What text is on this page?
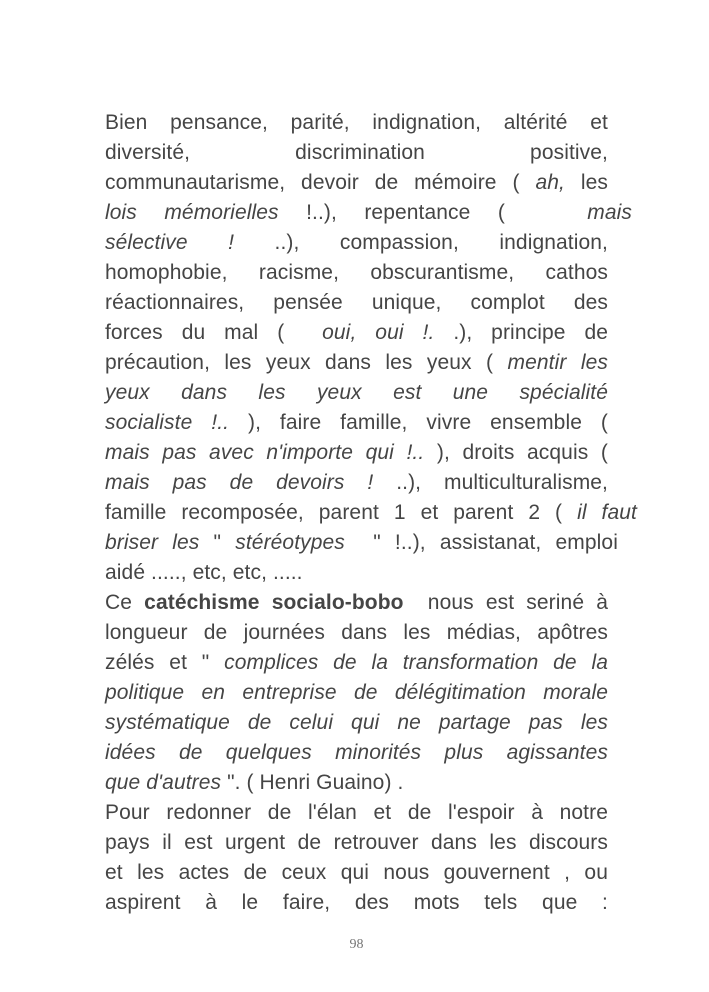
Bien pensance, parité, indignation, altérité et
diversité, discrimination positive,
communautarisme, devoir de mémoire ( ah, les
lois mémorielles !..), repentance (   mais
sélective ! ..), compassion, indignation,
homophobie, racisme, obscurantisme, cathos
réactionnaires, pensée unique, complot des
forces du mal (  oui, oui !. .), principe de
précaution, les yeux dans les yeux ( mentir les
yeux dans les yeux est une spécialité
socialiste !.. ), faire famille, vivre ensemble (
mais pas avec n'importe qui !.. ), droits acquis (
mais pas de devoirs ! ..), multiculturalisme,
famille recomposée, parent 1 et parent 2 ( il faut
briser les " stéréotypes  " !..), assistanat, emploi
aidé ....., etc, etc, .....
Ce catéchisme socialo-bobo  nous est seriné à
longueur de journées dans les médias, apôtres
zélés et " complices de la transformation de la
politique en entreprise de délégitimation morale
systématique de celui qui ne partage pas les
idées de quelques minorités plus agissantes
que d'autres ". ( Henri Guaino) .
Pour redonner de l'élan et de l'espoir à notre
pays il est urgent de retrouver dans les discours
et les actes de ceux qui nous gouvernent , ou
aspirent à le faire, des mots tels que :
98
